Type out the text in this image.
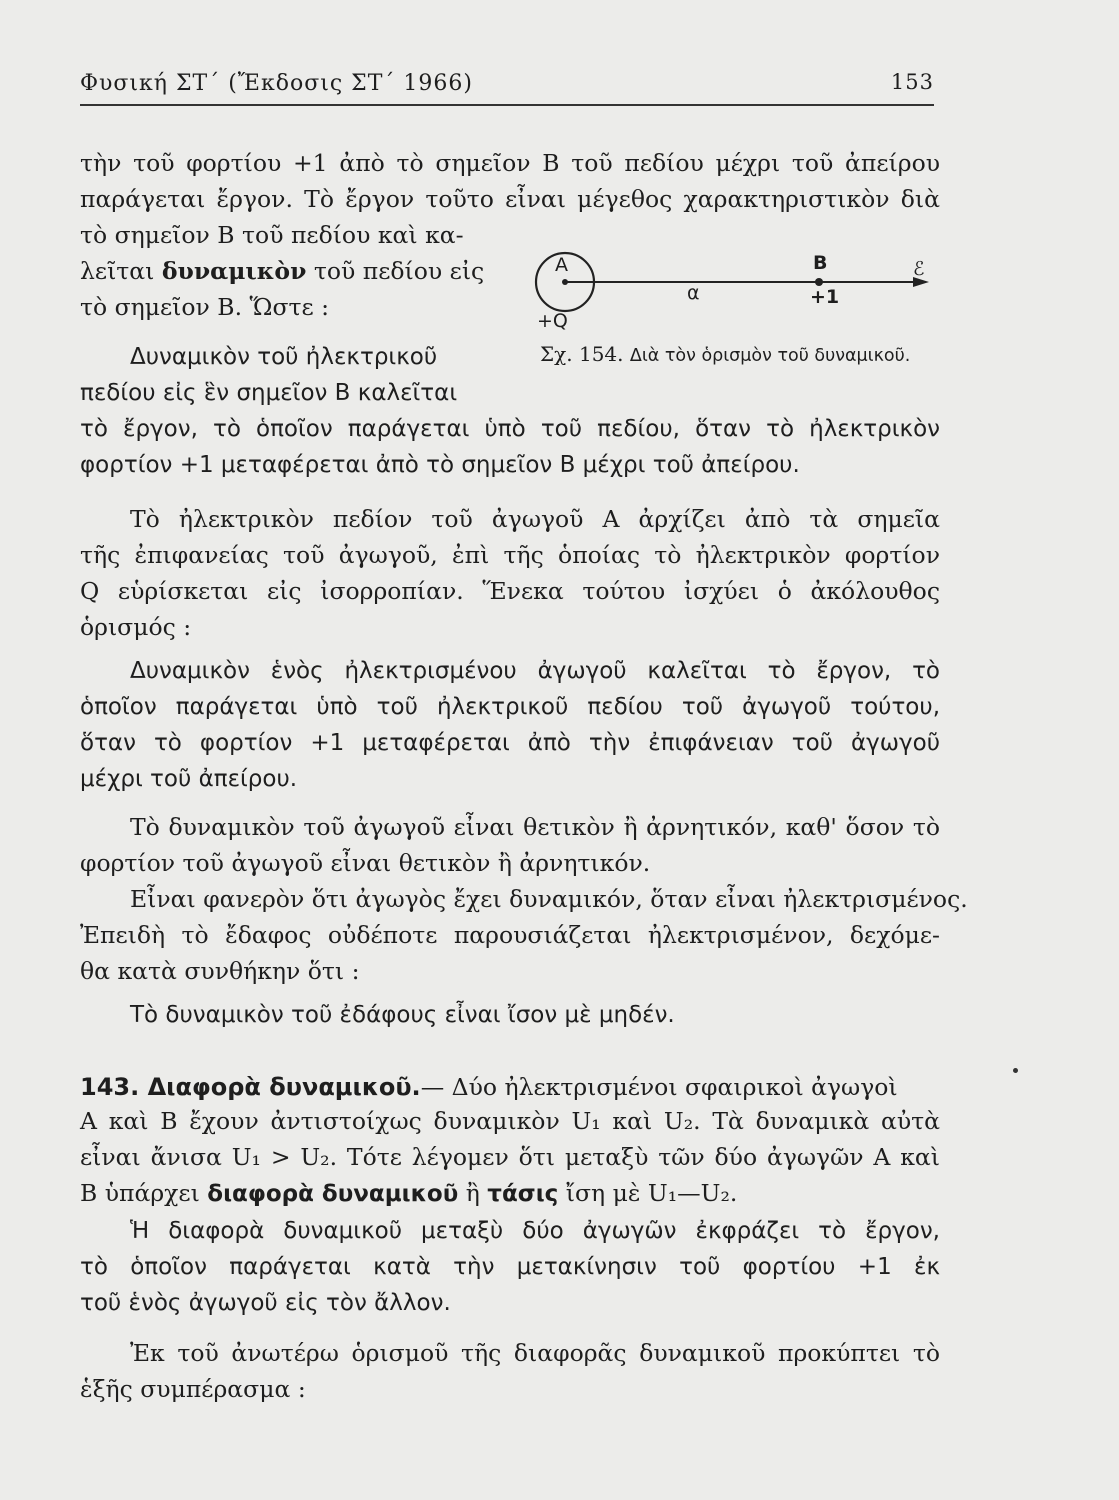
Φυσική ΣΤ΄ (Ἔκδοσις ΣΤ΄ 1966)	153
τὴν τοῦ φορτίου +1 ἀπὸ τὸ σημεῖον Β τοῦ πεδίου μέχρι τοῦ ἀπείρου
παράγεται ἔργον. Τὸ ἔργον τοῦτο εἶναι μέγεθος χαρακτηριστικὸν διὰ
τὸ σημεῖον Β τοῦ πεδίου καὶ κα-
λεῖται δυναμικὸν τοῦ πεδίου εἰς
τὸ σημεῖον Β. Ὥστε :
A	B	ℰ
α	+1
+Q
Δυναμικὸν τοῦ ἠλεκτρικοῦ	Σχ. 154. Διὰ τὸν ὁρισμὸν τοῦ δυναμικοῦ.
πεδίου εἰς ἓν σημεῖον Β καλεῖται
τὸ ἔργον, τὸ ὁποῖον παράγεται ὑπὸ τοῦ πεδίου, ὅταν τὸ ἠλεκτρικὸν
φορτίον +1 μεταφέρεται ἀπὸ τὸ σημεῖον Β μέχρι τοῦ ἀπείρου.
Τὸ ἠλεκτρικὸν πεδίον τοῦ ἀγωγοῦ Α ἀρχίζει ἀπὸ τὰ σημεῖα
τῆς ἐπιφανείας τοῦ ἀγωγοῦ, ἐπὶ τῆς ὁποίας τὸ ἠλεκτρικὸν φορτίον
Q εὑρίσκεται εἰς ἰσορροπίαν. Ἕνεκα τούτου ἰσχύει ὁ ἀκόλουθος
ὁρισμός :
Δυναμικὸν ἑνὸς ἠλεκτρισμένου ἀγωγοῦ καλεῖται τὸ ἔργον, τὸ
ὁποῖον παράγεται ὑπὸ τοῦ ἠλεκτρικοῦ πεδίου τοῦ ἀγωγοῦ τούτου,
ὅταν τὸ φορτίον +1 μεταφέρεται ἀπὸ τὴν ἐπιφάνειαν τοῦ ἀγωγοῦ
μέχρι τοῦ ἀπείρου.
Τὸ δυναμικὸν τοῦ ἀγωγοῦ εἶναι θετικὸν ἢ ἀρνητικόν, καθ' ὅσον τὸ
φορτίον τοῦ ἀγωγοῦ εἶναι θετικὸν ἢ ἀρνητικόν.
Εἶναι φανερὸν ὅτι ἀγωγὸς ἔχει δυναμικόν, ὅταν εἶναι ἠλεκτρισμένος.
Ἐπειδὴ τὸ ἔδαφος οὐδέποτε παρουσιάζεται ἠλεκτρισμένον, δεχόμε-
θα κατὰ συνθήκην ὅτι :
Τὸ δυναμικὸν τοῦ ἐδάφους εἶναι ἴσον μὲ μηδέν.
143. Διαφορὰ δυναμικοῦ.— Δύο ἠλεκτρισμένοι σφαιρικοὶ ἀγωγοὶ
Α καὶ Β ἔχουν ἀντιστοίχως δυναμικὸν U₁ καὶ U₂. Τὰ δυναμικὰ αὐτὰ
εἶναι ἄνισα U₁ > U₂. Τότε λέγομεν ὅτι μεταξὺ τῶν δύο ἀγωγῶν Α καὶ
Β ὑπάρχει διαφορὰ δυναμικοῦ ἢ τάσις ἴση μὲ U₁—U₂.
Ἡ διαφορὰ δυναμικοῦ μεταξὺ δύο ἀγωγῶν ἐκφράζει τὸ ἔργον,
τὸ ὁποῖον παράγεται κατὰ τὴν μετακίνησιν τοῦ φορτίου +1 ἐκ
τοῦ ἑνὸς ἀγωγοῦ εἰς τὸν ἄλλον.
Ἐκ τοῦ ἀνωτέρω ὁρισμοῦ τῆς διαφορᾶς δυναμικοῦ προκύπτει τὸ
ἑξῆς συμπέρασμα :
